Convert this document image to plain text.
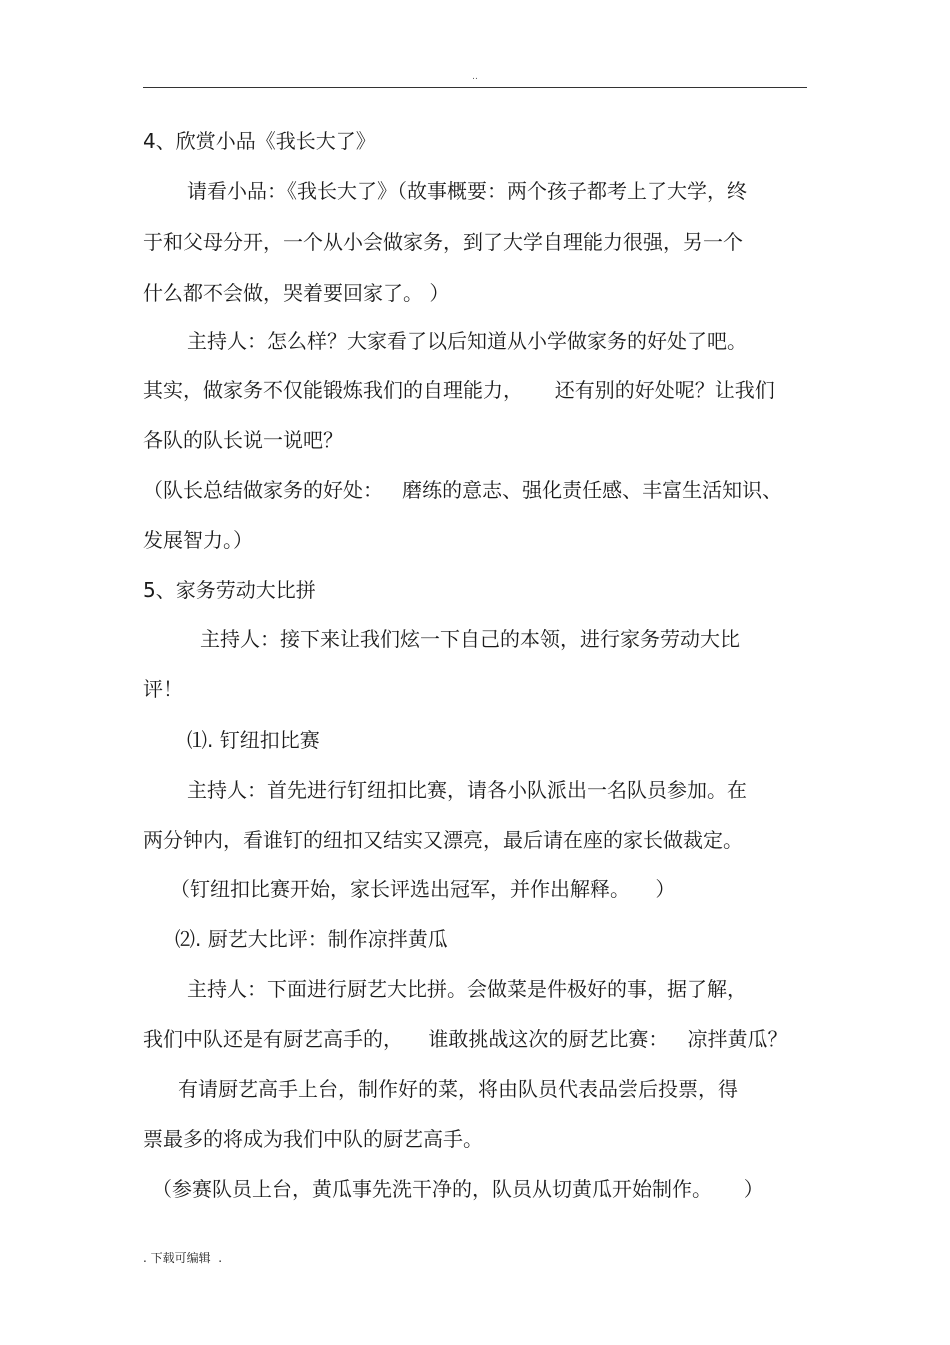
..
4、欣赏小品《我长大了》
请看小品：《我长大了》（故事概要：两个孩子都考上了大学，终
于和父母分开，一个从小会做家务，到了大学自理能力很强，另一个
什么都不会做，哭着要回家了。 ）
主持人：怎么样？大家看了以后知道从小学做家务的好处了吧。
其实，做家务不仅能锻炼我们的自理能力，     还有别的好处呢？让我们
各队的队长说一说吧？
（队长总结做家务的好处：   磨练的意志、强化责任感、丰富生活知识、
发展智力。）
5、家务劳动大比拼
主持人：接下来让我们炫一下自己的本领，进行家务劳动大比
评！
⑴. 钉纽扣比赛
主持人：首先进行钉纽扣比赛，请各小队派出一名队员参加。在
两分钟内，看谁钉的纽扣又结实又漂亮，最后请在座的家长做裁定。
（钉纽扣比赛开始，家长评选出冠军，并作出解释。    ）
⑵. 厨艺大比评：制作凉拌黄瓜
主持人：下面进行厨艺大比拼。会做菜是件极好的事，据了解，
我们中队还是有厨艺高手的，    谁敢挑战这次的厨艺比赛：   凉拌黄瓜？
有请厨艺高手上台，制作好的菜，将由队员代表品尝后投票，得
票最多的将成为我们中队的厨艺高手。
（参赛队员上台，黄瓜事先洗干净的，队员从切黄瓜开始制作。     ）
. 下载可编辑  .
